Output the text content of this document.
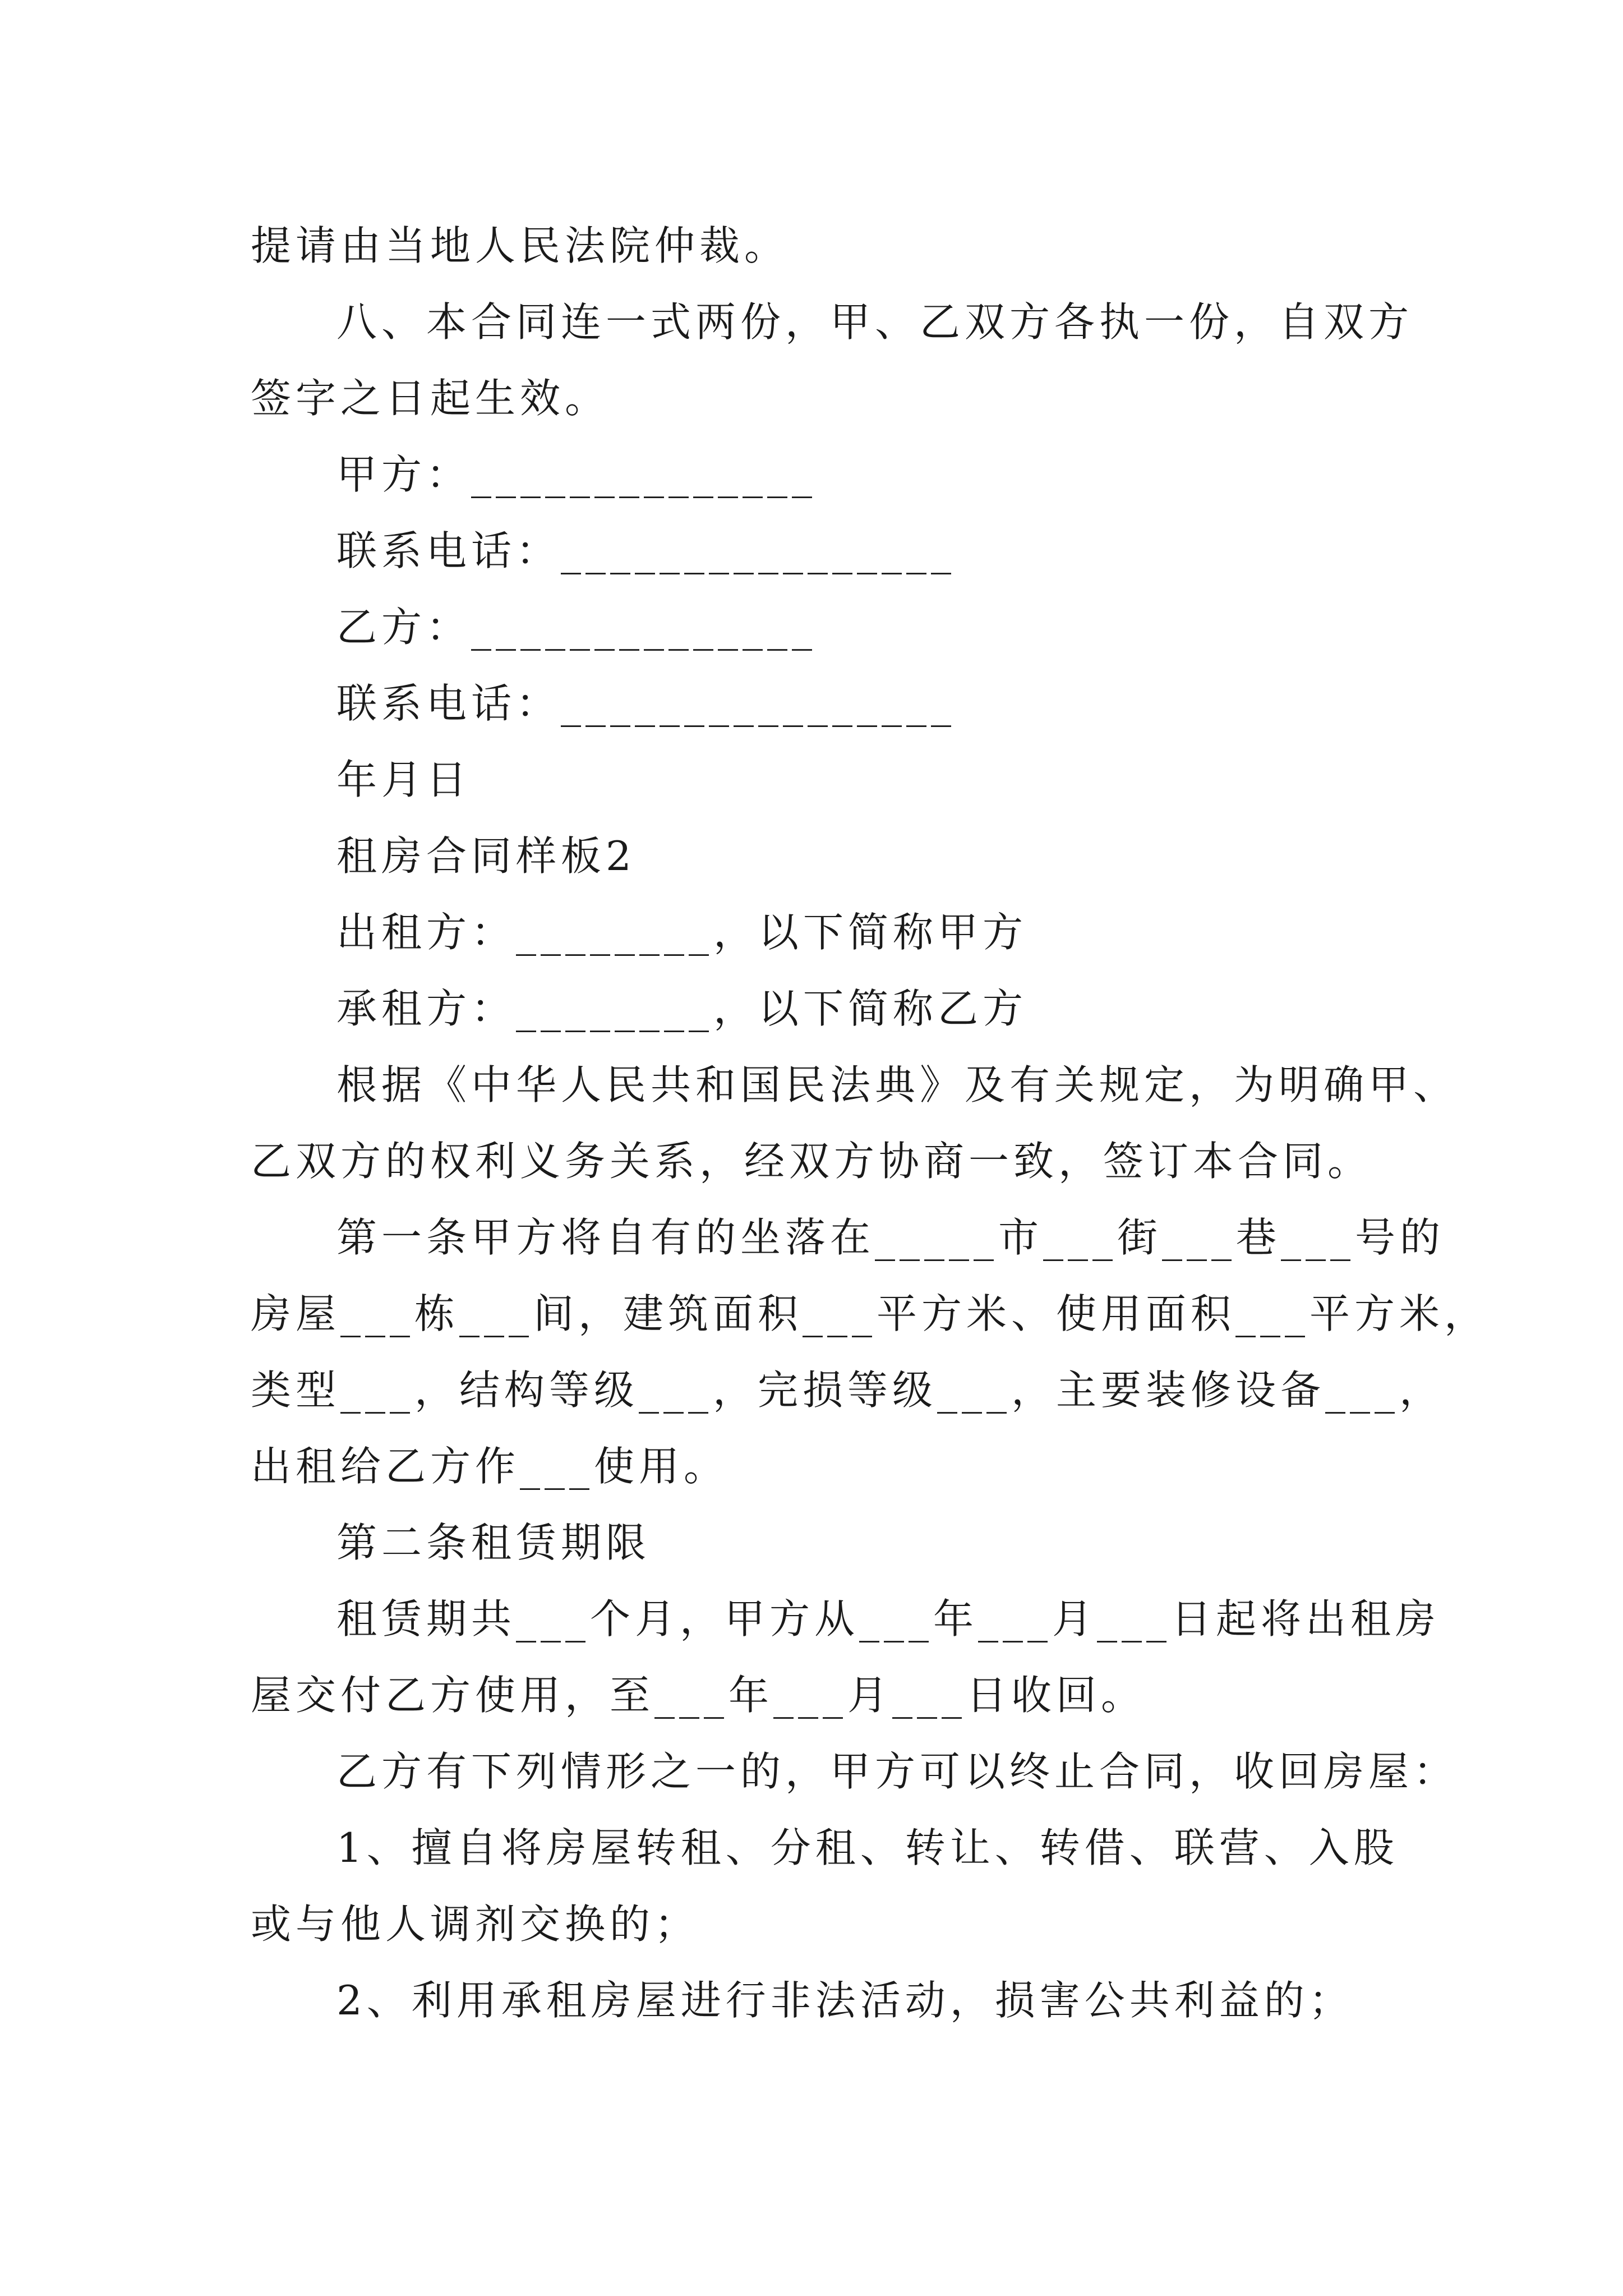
提请由当地人民法院仲裁。
八、本合同连一式两份，甲、乙双方各执一份，自双方
签字之日起生效。
甲方：______________
联系电话：________________
乙方：______________
联系电话：________________
年月日
租房合同样板2
出租方：________，以下简称甲方
承租方：________，以下简称乙方
根据《中华人民共和国民法典》及有关规定，为明确甲、
乙双方的权利义务关系，经双方协商一致，签订本合同。
第一条甲方将自有的坐落在_____市___街___巷___号的
房屋___栋___间，建筑面积___平方米、使用面积___平方米，
类型___，结构等级___，完损等级___，主要装修设备___，
出租给乙方作___使用。
第二条租赁期限
租赁期共___个月，甲方从___年___月___日起将出租房
屋交付乙方使用，至___年___月___日收回。
乙方有下列情形之一的，甲方可以终止合同，收回房屋：
1、擅自将房屋转租、分租、转让、转借、联营、入股
或与他人调剂交换的；
2、利用承租房屋进行非法活动，损害公共利益的；
